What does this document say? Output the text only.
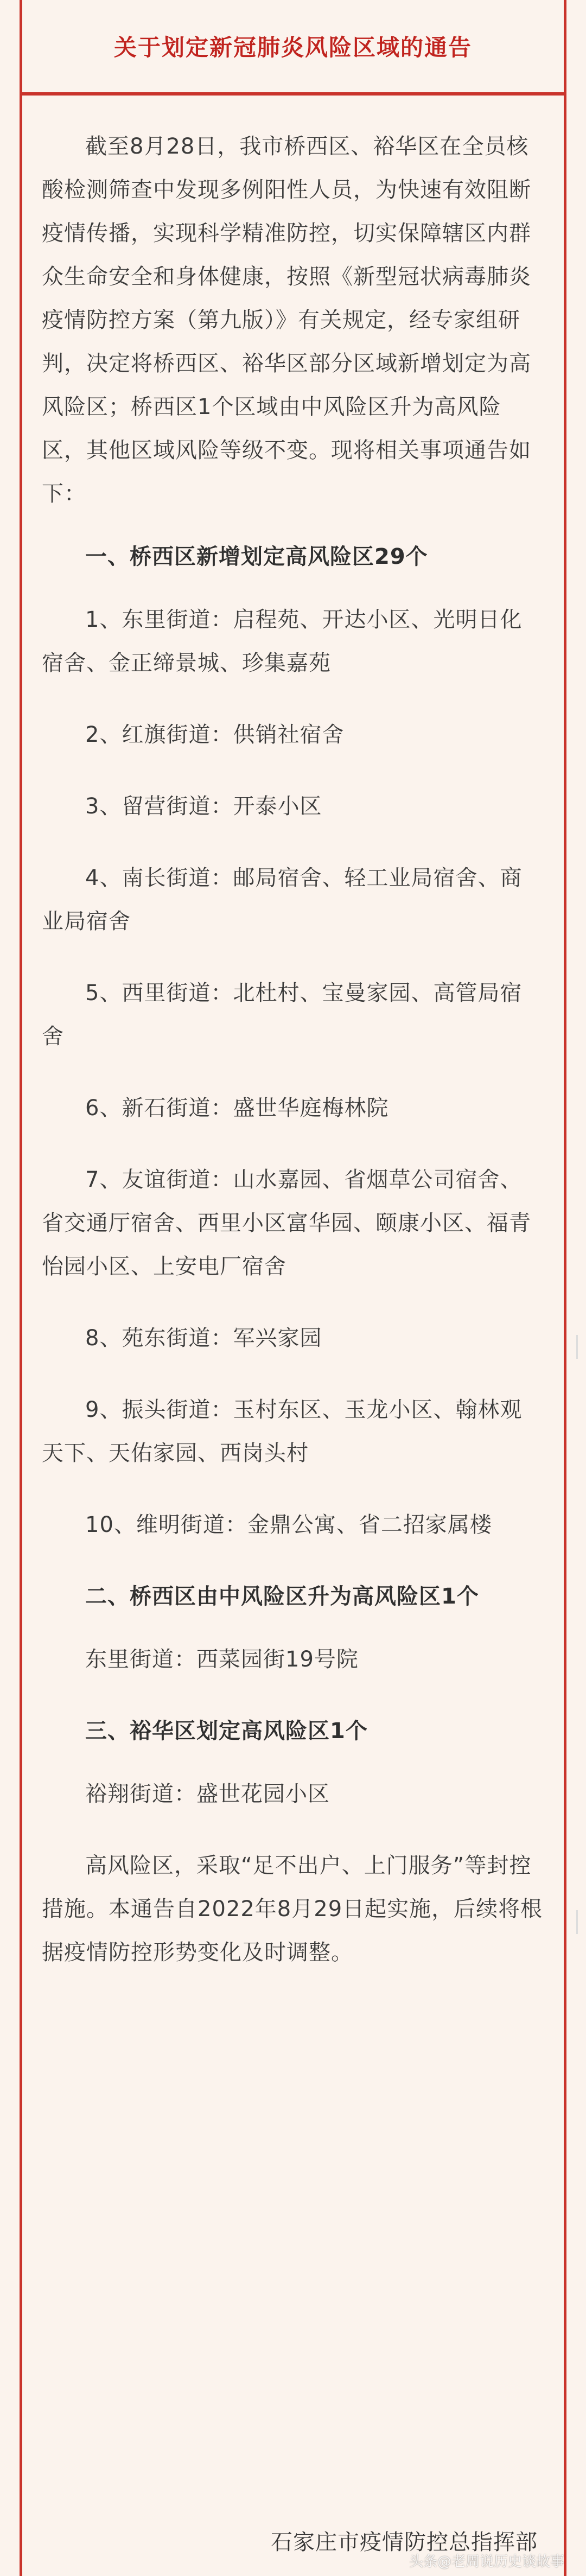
关于划定新冠肺炎风险区域的通告

截至8月28日，我市桥西区、裕华区在全员核酸检测筛查中发现多例阳性人员，为快速有效阻断疫情传播，实现科学精准防控，切实保障辖区内群众生命安全和身体健康，按照《新型冠状病毒肺炎疫情防控方案（第九版）》有关规定，经专家组研判，决定将桥西区、裕华区部分区域新增划定为高风险区；桥西区1个区域由中风险区升为高风险区，其他区域风险等级不变。现将相关事项通告如下：

一、桥西区新增划定高风险区29个

1、东里街道：启程苑、开达小区、光明日化宿舍、金正缔景城、珍集嘉苑

2、红旗街道：供销社宿舍

3、留营街道：开泰小区

4、南长街道：邮局宿舍、轻工业局宿舍、商业局宿舍

5、西里街道：北杜村、宝曼家园、高管局宿舍

6、新石街道：盛世华庭梅林院

7、友谊街道：山水嘉园、省烟草公司宿舍、省交通厅宿舍、西里小区富华园、颐康小区、福青怡园小区、上安电厂宿舍

8、苑东街道：军兴家园

9、振头街道：玉村东区、玉龙小区、翰林观天下、天佑家园、西岗头村

10、维明街道：金鼎公寓、省二招家属楼

二、桥西区由中风险区升为高风险区1个

东里街道：西菜园街19号院

三、裕华区划定高风险区1个

裕翔街道：盛世花园小区

高风险区，采取“足不出户、上门服务”等封控措施。本通告自2022年8月29日起实施，后续将根据疫情防控形势变化及时调整。

石家庄市疫情防控总指挥部
头条@老周说历史谈故事
